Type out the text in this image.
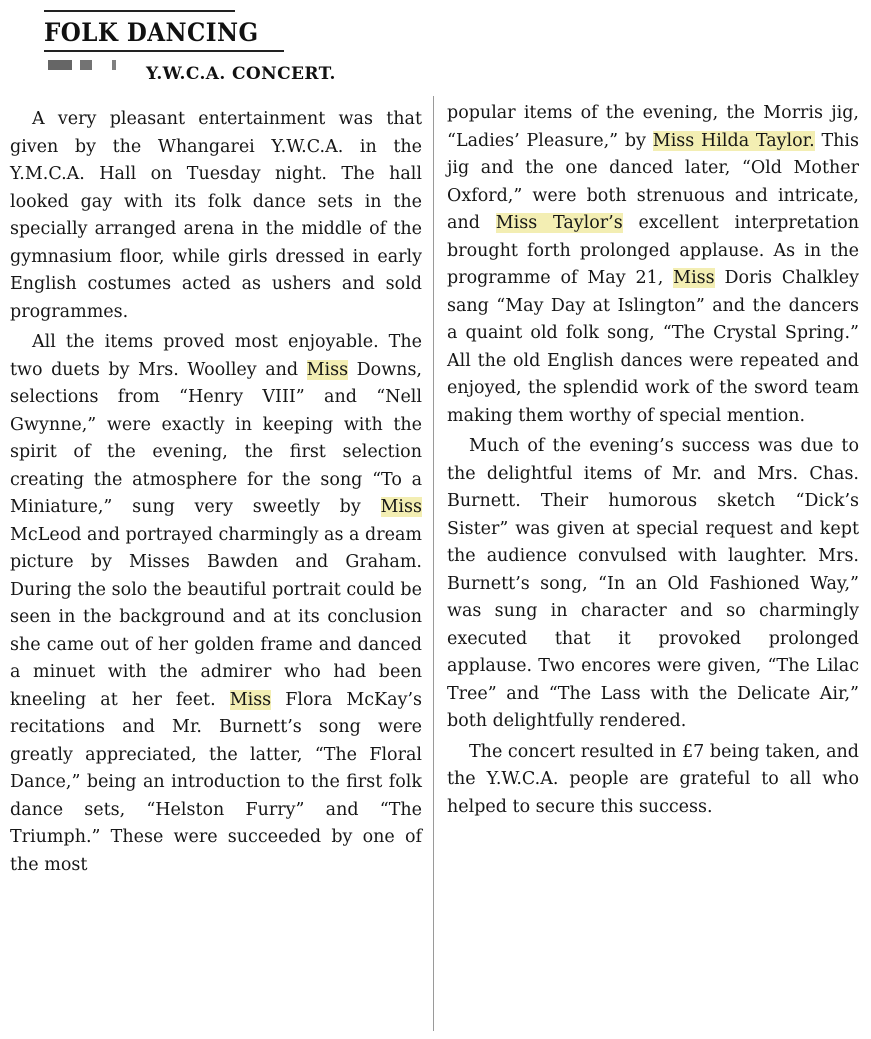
FOLK DANCING
Y.W.C.A. CONCERT.

A very pleasant entertainment was that given by the Whangarei Y.W.C.A. in the Y.M.C.A. Hall on Tuesday night. The hall looked gay with its folk dance sets in the specially arranged arena in the middle of the gymnasium floor, while girls dressed in early English costumes acted as ushers and sold programmes.

All the items proved most enjoyable. The two duets by Mrs. Woolley and Miss Downs, selections from “Henry VIII” and “Nell Gwynne,” were exactly in keeping with the spirit of the evening, the first selection creating the atmosphere for the song “To a Miniature,” sung very sweetly by Miss McLeod and portrayed charmingly as a dream picture by Misses Bawden and Graham. During the solo the beautiful portrait could be seen in the background and at its conclusion she came out of her golden frame and danced a minuet with the admirer who had been kneeling at her feet. Miss Flora McKay’s recitations and Mr. Burnett’s song were greatly appreciated, the latter, “The Floral Dance,” being an introduction to the first folk dance sets, “Helston Furry” and “The Triumph.” These were succeeded by one of the most

popular items of the evening, the Morris jig, “Ladies’ Pleasure,” by Miss Hilda Taylor. This jig and the one danced later, “Old Mother Oxford,” were both strenuous and intricate, and Miss Taylor’s excellent interpretation brought forth prolonged applause. As in the programme of May 21, Miss Doris Chalkley sang “May Day at Islington” and the dancers a quaint old folk song, “The Crystal Spring.” All the old English dances were repeated and enjoyed, the splendid work of the sword team making them worthy of special mention.

Much of the evening’s success was due to the delightful items of Mr. and Mrs. Chas. Burnett. Their humorous sketch “Dick’s Sister” was given at special request and kept the audience convulsed with laughter. Mrs. Burnett’s song, “In an Old Fashioned Way,” was sung in character and so charmingly executed that it provoked prolonged applause. Two encores were given, “The Lilac Tree” and “The Lass with the Delicate Air,” both delightfully rendered.

The concert resulted in £7 being taken, and the Y.W.C.A. people are grateful to all who helped to secure this success.
